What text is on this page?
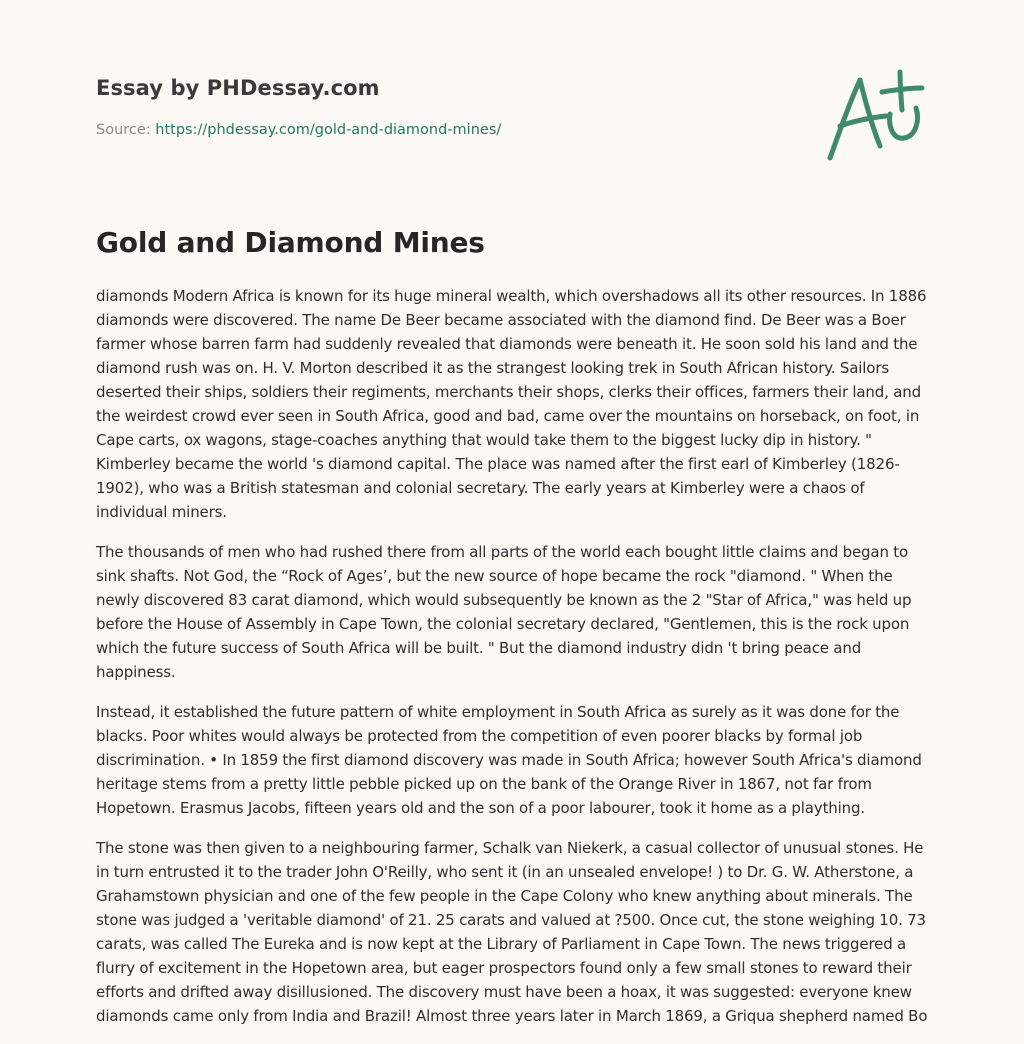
Essay by PHDessay.com
Source: https://phdessay.com/gold-and-diamond-mines/
Gold and Diamond Mines

diamonds Modern Africa is known for its huge mineral wealth, which overshadows all its other resources. In 1886 diamonds were discovered. The name De Beer became associated with the diamond find. De Beer was a Boer farmer whose barren farm had suddenly revealed that diamonds were beneath it. He soon sold his land and the diamond rush was on. H. V. Morton described it as the strangest looking trek in South African history. Sailors deserted their ships, soldiers their regiments, merchants their shops, clerks their offices, farmers their land, and the weirdest crowd ever seen in South Africa, good and bad, came over the mountains on horseback, on foot, in Cape carts, ox wagons, stage-coaches anything that would take them to the biggest lucky dip in history. " Kimberley became the world 's diamond capital. The place was named after the first earl of Kimberley (1826-1902), who was a British statesman and colonial secretary. The early years at Kimberley were a chaos of individual miners.

The thousands of men who had rushed there from all parts of the world each bought little claims and began to sink shafts. Not God, the “Rock of Ages’, but the new source of hope became the rock "diamond. " When the newly discovered 83 carat diamond, which would subsequently be known as the 2 "Star of Africa," was held up before the House of Assembly in Cape Town, the colonial secretary declared, "Gentlemen, this is the rock upon which the future success of South Africa will be built. " But the diamond industry didn 't bring peace and happiness.

Instead, it established the future pattern of white employment in South Africa as surely as it was done for the blacks. Poor whites would always be protected from the competition of even poorer blacks by formal job discrimination. • In 1859 the first diamond discovery was made in South Africa; however South Africa's diamond heritage stems from a pretty little pebble picked up on the bank of the Orange River in 1867, not far from Hopetown. Erasmus Jacobs, fifteen years old and the son of a poor labourer, took it home as a plaything.

The stone was then given to a neighbouring farmer, Schalk van Niekerk, a casual collector of unusual stones. He in turn entrusted it to the trader John O'Reilly, who sent it (in an unsealed envelope! ) to Dr. G. W. Atherstone, a Grahamstown physician and one of the few people in the Cape Colony who knew anything about minerals. The stone was judged a 'veritable diamond' of 21. 25 carats and valued at ?500. Once cut, the stone weighing 10. 73 carats, was called The Eureka and is now kept at the Library of Parliament in Cape Town. The news triggered a flurry of excitement in the Hopetown area, but eager prospectors found only a few small stones to reward their efforts and drifted away disillusioned. The discovery must have been a hoax, it was suggested: everyone knew diamonds came only from India and Brazil! Almost three years later in March 1869, a Griqua shepherd named Bo
